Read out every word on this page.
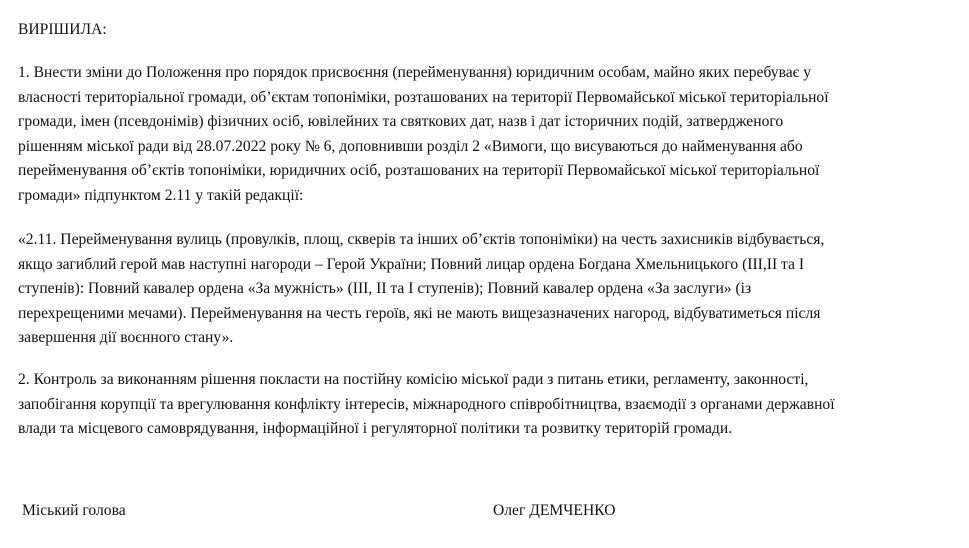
ВИРІШИЛА:
1. Внести зміни до Положення про порядок присвоєння (перейменування) юридичним особам, майно яких перебуває у
власності територіальної громади, об’єктам топоніміки, розташованих на території Первомайської міської територіальної
громади, імен (псевдонімів) фізичних осіб, ювілейних та святкових дат, назв і дат історичних подій, затвердженого
рішенням міської ради від 28.07.2022 року № 6, доповнивши розділ 2 «Вимоги, що висуваються до найменування або
перейменування об’єктів топоніміки, юридичних осіб, розташованих на території Первомайської міської територіальної
громади» підпунктом 2.11 у такій редакції:
«2.11. Перейменування вулиць (провулків, площ, скверів та інших об’єктів топоніміки) на честь захисників відбувається,
якщо загиблий герой мав наступні нагороди – Герой України; Повний лицар ордена Богдана Хмельницького (III,II та I
ступенів): Повний кавалер ордена «За мужність» (III, II та I ступенів); Повний кавалер ордена «За заслуги» (із
перехрещеними мечами). Перейменування на честь героїв, які не мають вищезазначених нагород, відбуватиметься після
завершення дії воєнного стану».
2. Контроль за виконанням рішення покласти на постійну комісію міської ради з питань етики, регламенту, законності,
запобігання корупції та врегулювання конфлікту інтересів, міжнародного співробітництва, взаємодії з органами державної
влади та місцевого самоврядування, інформаційної і регуляторної політики та розвитку територій громади.
Міський голова	Олег ДЕМЧЕНКО
